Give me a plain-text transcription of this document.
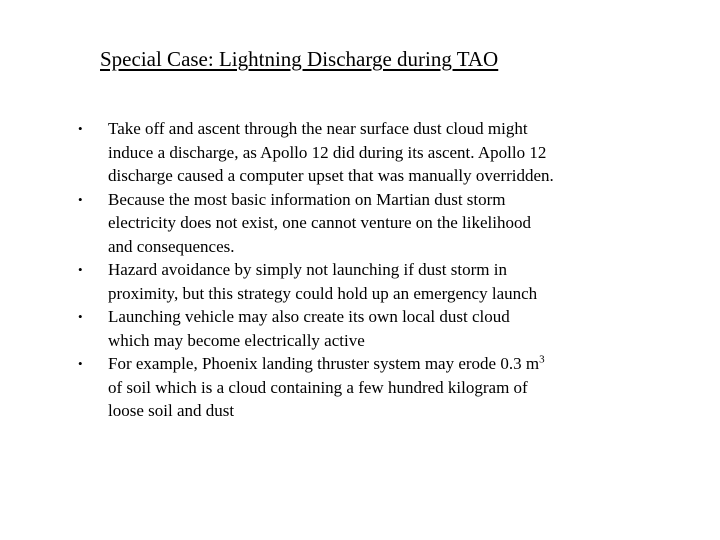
Special Case: Lightning Discharge during TAO
•	Take off and ascent through the near surface dust cloud might
induce a discharge, as Apollo 12 did during its ascent. Apollo 12
discharge caused a computer upset that was manually overridden.
•	Because the most basic information on Martian dust storm
electricity does not exist, one cannot venture on the likelihood
and consequences.
•	Hazard avoidance by simply not launching if dust storm in
proximity, but this strategy could hold up an emergency launch
•	Launching vehicle may also create its own local dust cloud
which may become electrically active
•	For example, Phoenix landing thruster system may erode 0.3 $m^3$
of soil which is a cloud containing a few hundred kilogram of
loose soil and dust
